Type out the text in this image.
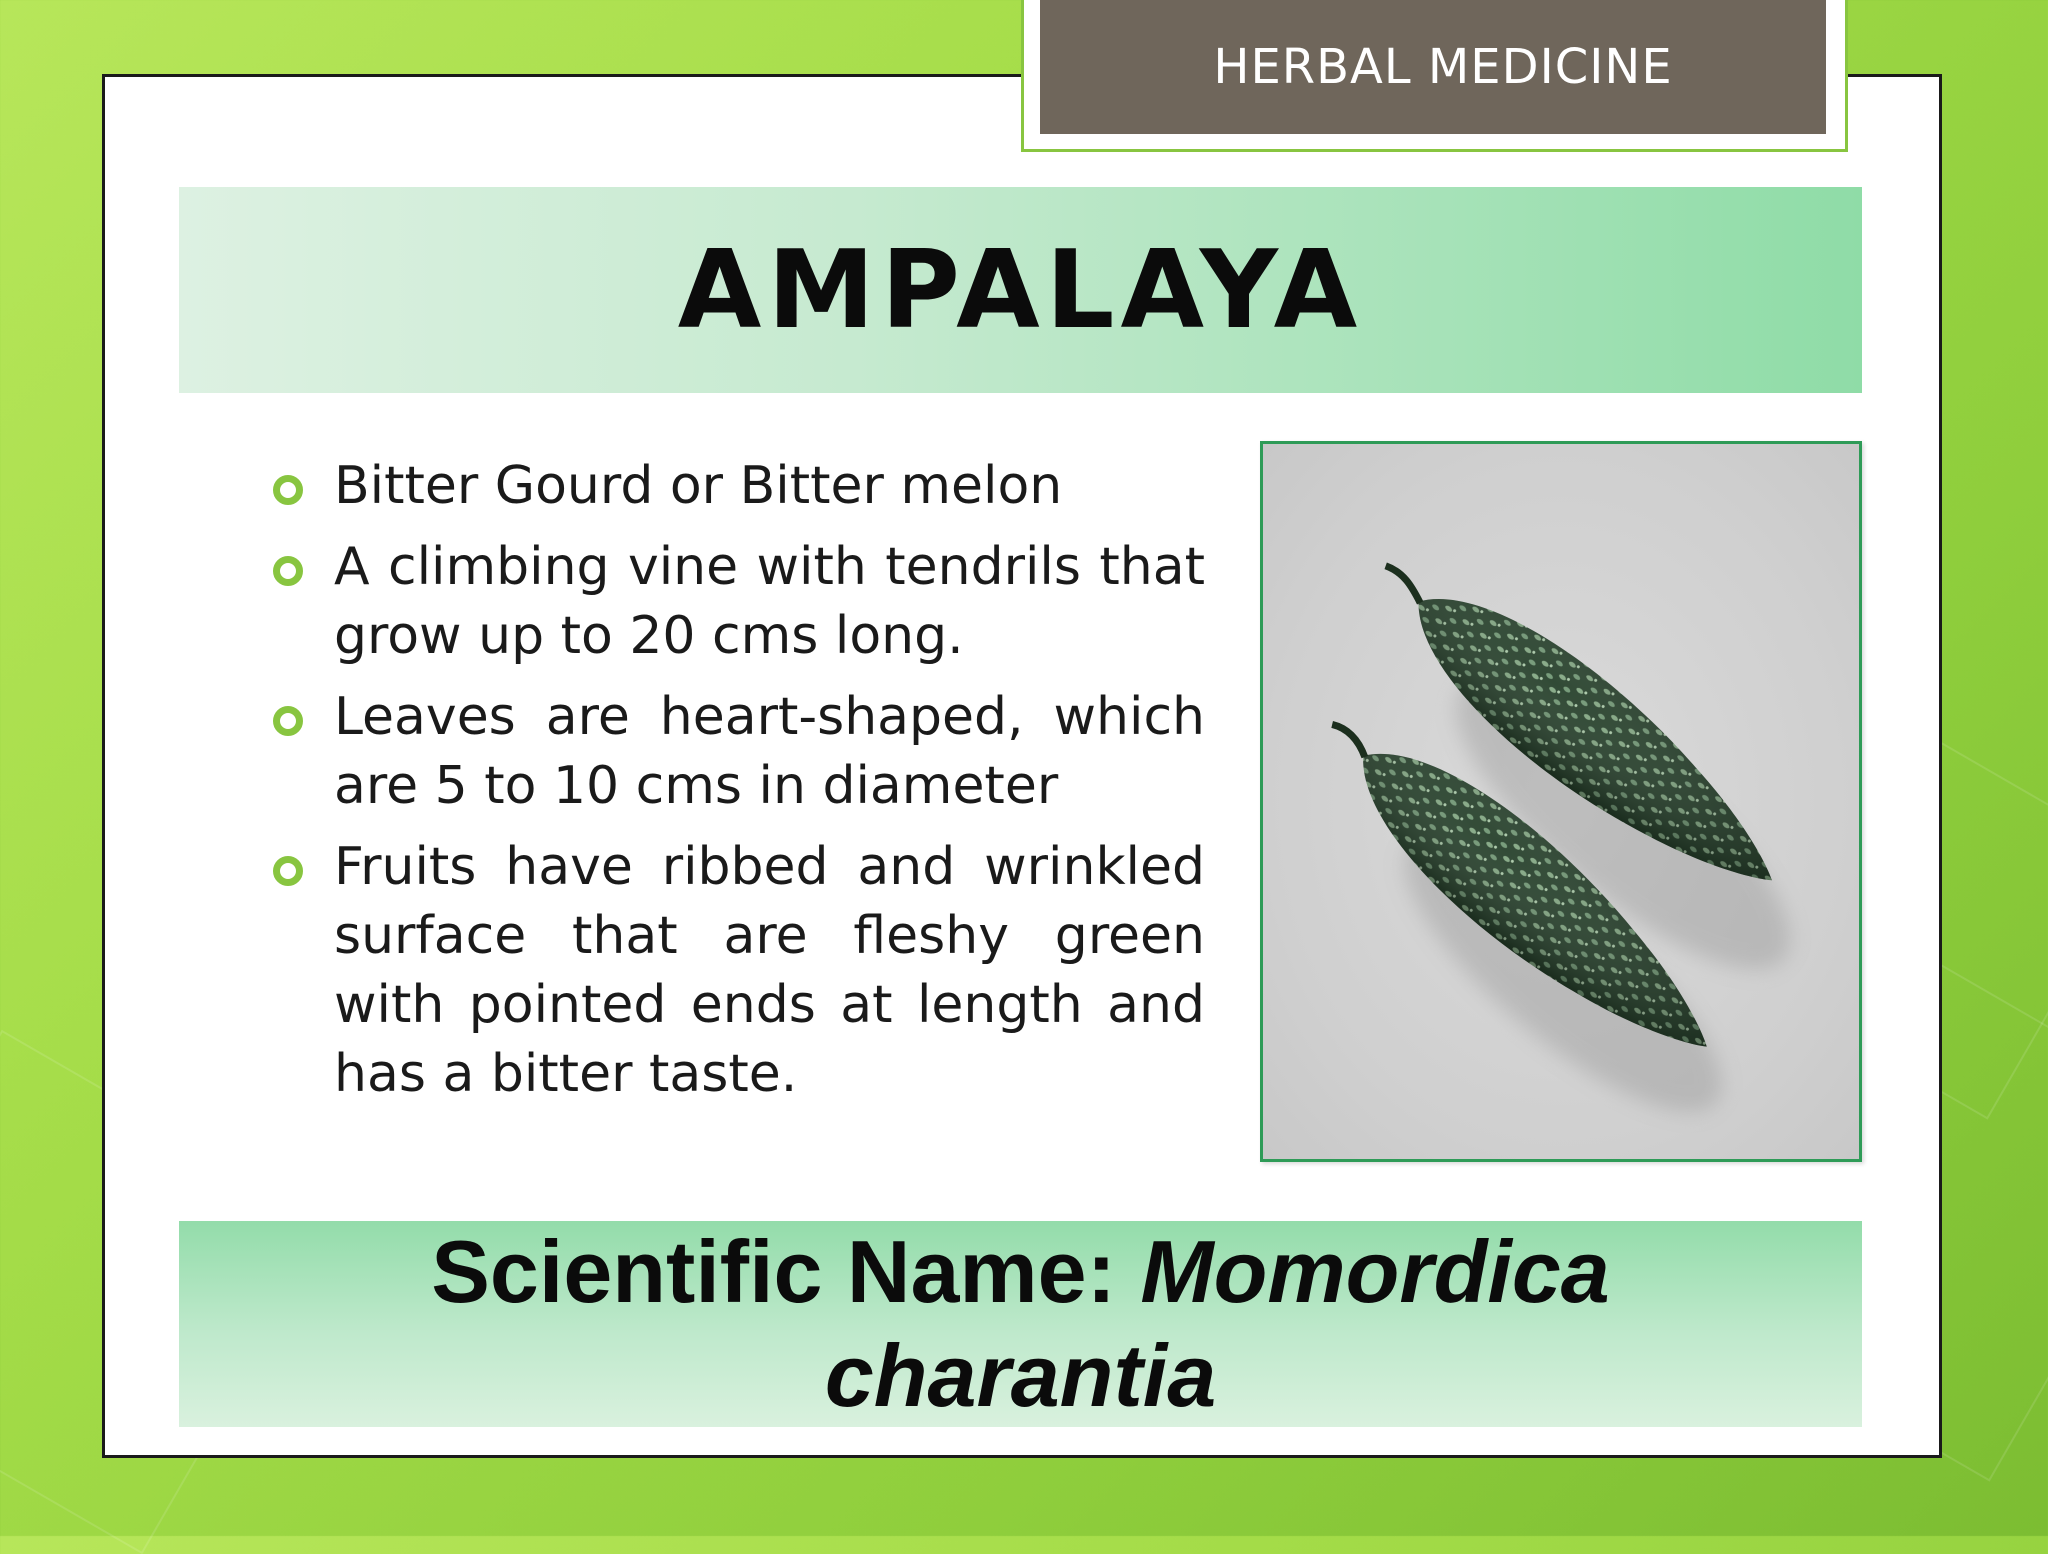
HERBAL MEDICINE
AMPALAYA
Bitter Gourd or Bitter melon
A climbing vine with tendrils that grow up to 20 cms long.
Leaves are heart-shaped, which are 5 to 10 cms in diameter
Fruits have ribbed and wrinkled surface that are fleshy green with pointed ends at length and has a bitter taste.
Scientific Name: Momordica
charantia
